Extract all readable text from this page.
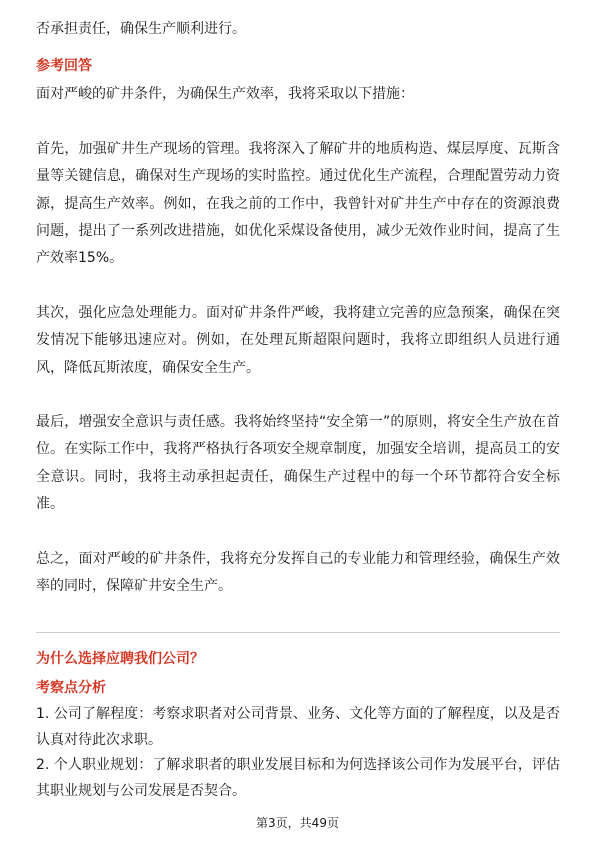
否承担责任，确保生产顺利进行。

参考回答

面对严峻的矿井条件，为确保生产效率，我将采取以下措施：

首先，加强矿井生产现场的管理。我将深入了解矿井的地质构造、煤层厚度、瓦斯含量等关键信息，确保对生产现场的实时监控。通过优化生产流程，合理配置劳动力资源，提高生产效率。例如，在我之前的工作中，我曾针对矿井生产中存在的资源浪费问题，提出了一系列改进措施，如优化采煤设备使用，减少无效作业时间，提高了生产效率15%。

其次，强化应急处理能力。面对矿井条件严峻，我将建立完善的应急预案，确保在突发情况下能够迅速应对。例如，在处理瓦斯超限问题时，我将立即组织人员进行通风，降低瓦斯浓度，确保安全生产。

最后，增强安全意识与责任感。我将始终坚持“安全第一”的原则，将安全生产放在首位。在实际工作中，我将严格执行各项安全规章制度，加强安全培训，提高员工的安全意识。同时，我将主动承担起责任，确保生产过程中的每一个环节都符合安全标准。

总之，面对严峻的矿井条件，我将充分发挥自己的专业能力和管理经验，确保生产效率的同时，保障矿井安全生产。

为什么选择应聘我们公司？

考察点分析

1. 公司了解程度：考察求职者对公司背景、业务、文化等方面的了解程度，以及是否认真对待此次求职。

2. 个人职业规划：了解求职者的职业发展目标和为何选择该公司作为发展平台，评估其职业规划与公司发展是否契合。

第3页，共49页
